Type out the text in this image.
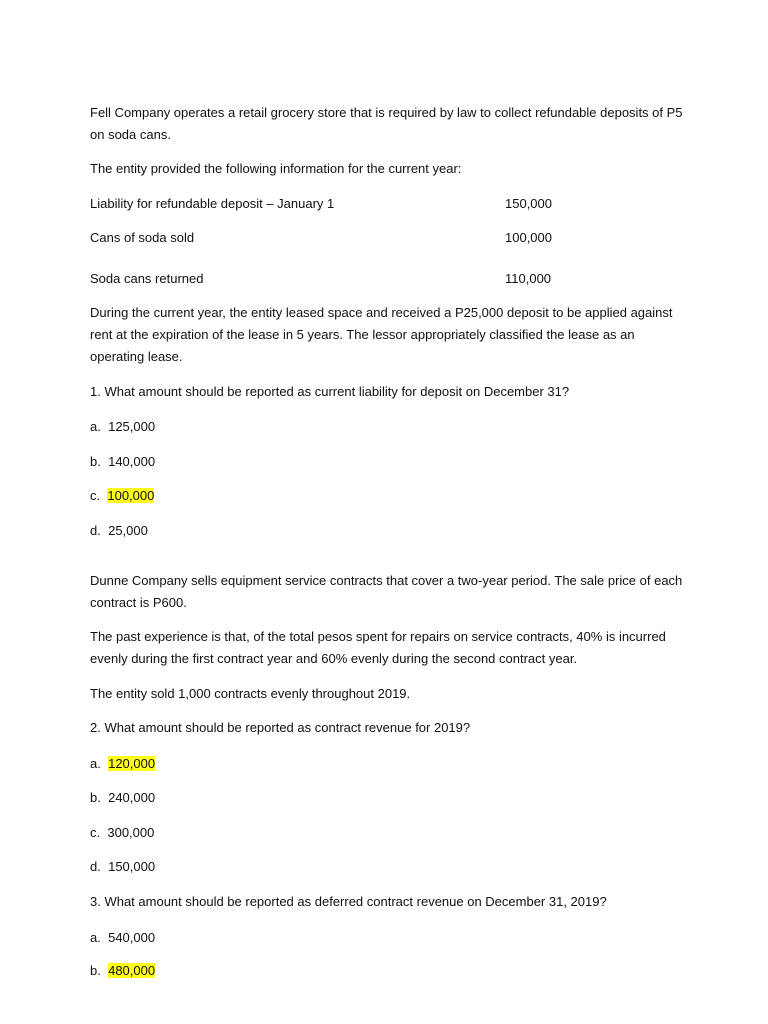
Fell Company operates a retail grocery store that is required by law to collect refundable deposits of P5 on soda cans.

The entity provided the following information for the current year:

Liability for refundable deposit – January 1	150,000
Cans of soda sold	100,000
Soda cans returned	110,000

During the current year, the entity leased space and received a P25,000 deposit to be applied against rent at the expiration of the lease in 5 years. The lessor appropriately classified the lease as an operating lease.

1. What amount should be reported as current liability for deposit on December 31?

a.  125,000
b.  140,000
c.  100,000
d.  25,000

Dunne Company sells equipment service contracts that cover a two-year period. The sale price of each contract is P600.

The past experience is that, of the total pesos spent for repairs on service contracts, 40% is incurred evenly during the first contract year and 60% evenly during the second contract year.

The entity sold 1,000 contracts evenly throughout 2019.

2. What amount should be reported as contract revenue for 2019?

a.  120,000
b.  240,000
c.  300,000
d.  150,000

3. What amount should be reported as deferred contract revenue on December 31, 2019?

a.  540,000
b.  480,000
